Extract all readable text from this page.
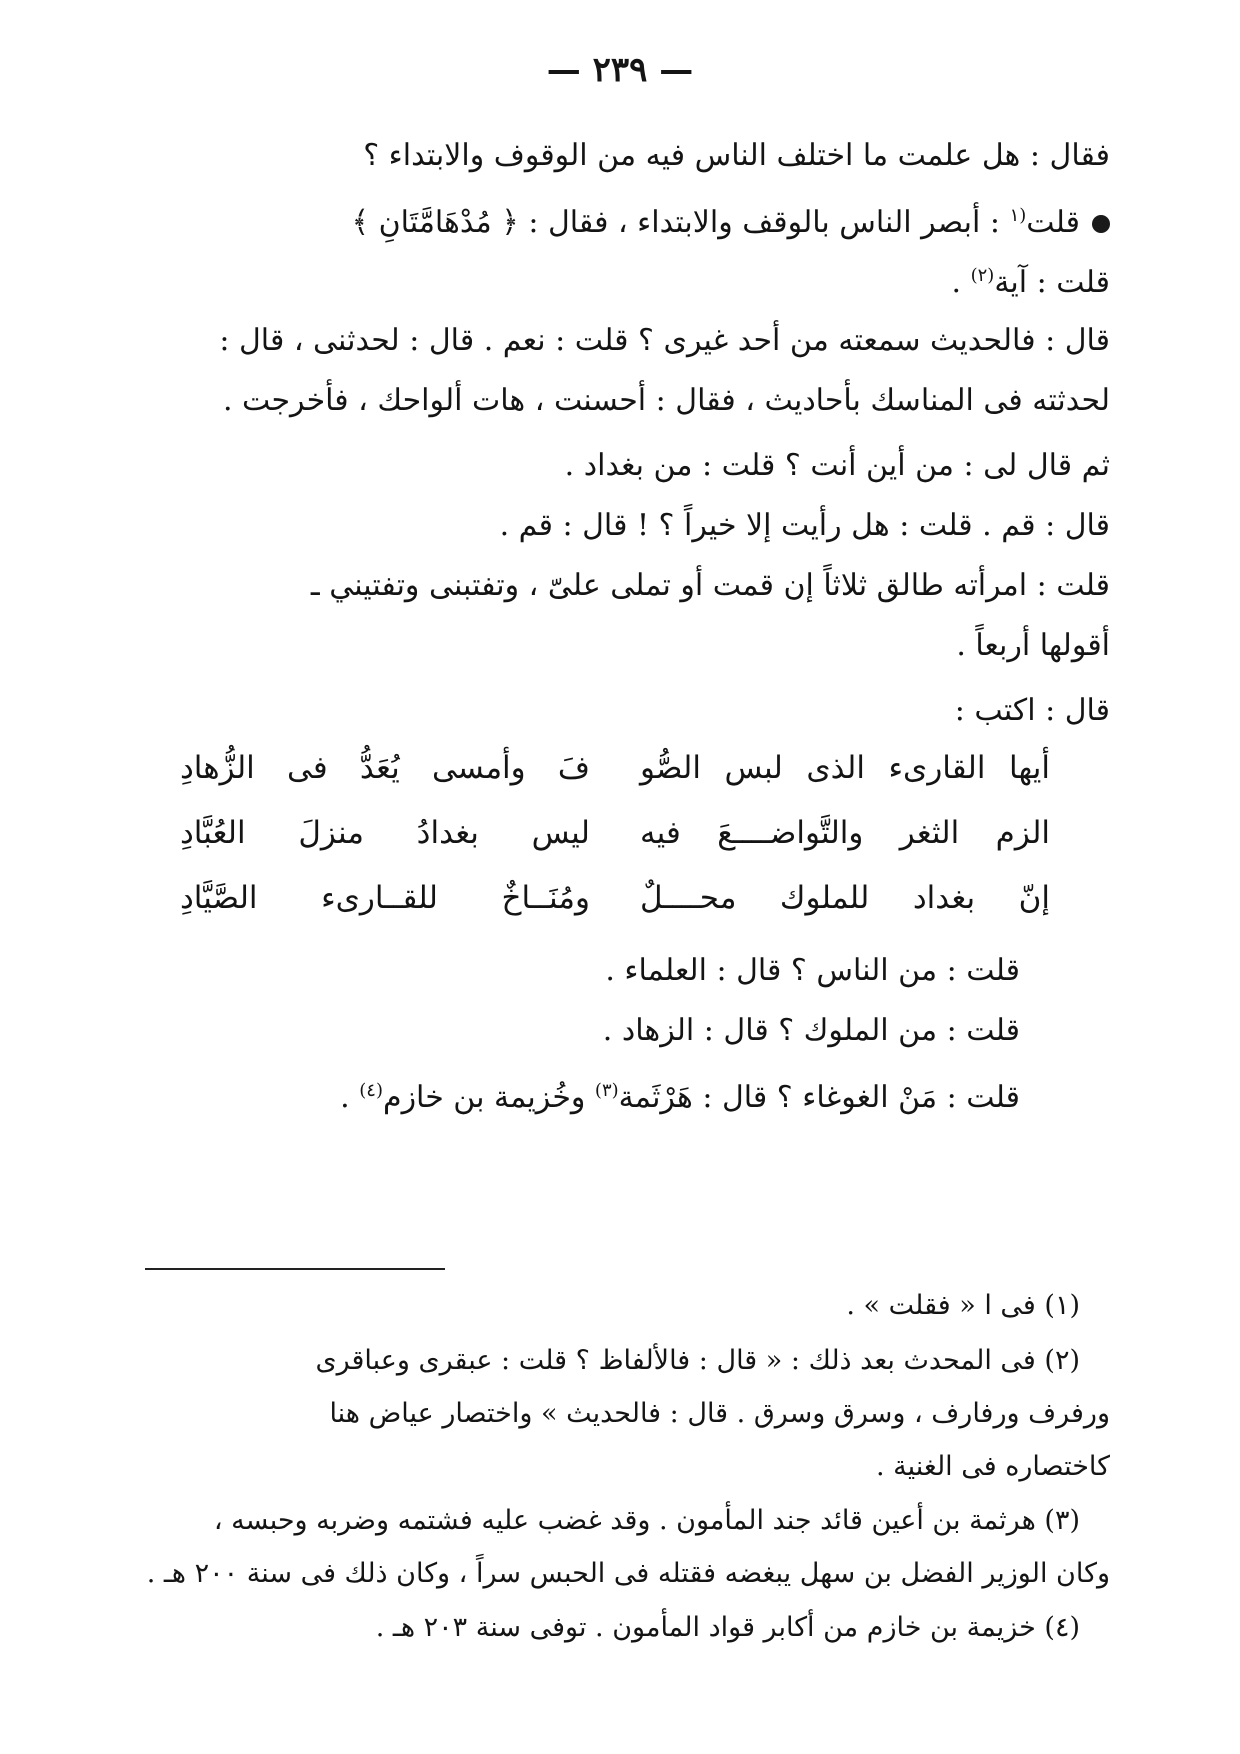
— ٢٣٩ —
فقال : هل علمت ما اختلف الناس فيه من الوقوف والابتداء ؟
قلت$^{(١}$ : أبصر الناس بالوقف والابتداء ، فقال : ﴿ مُدْهَامَّتَانِ ﴾
قلت : آية$^{(٢)}$ .
قال : فالحديث سمعته من أحد غيرى ؟ قلت : نعم . قال : لحدثنى ، قال :
لحدثته فى المناسك بأحاديث ، فقال : أحسنت ، هات ألواحك ، فأخرجت .
ثم قال لى : من أين أنت ؟ قلت : من بغداد .
قال : قم . قلت : هل رأيت إلا خيراً ؟ ! قال : قم .
قلت : امرأته طالق ثلاثاً إن قمت أو تملى علىّ ، وتفتبنى وتفتيني ـ
أقولها أربعاً .
قال : اكتب :
أيها القارىء الذى لبس الصُّو
فَ وأمسى يُعَدُّ فى الزُّهادِ
الزم الثغر والتَّواضــــعَ فيه
ليس بغدادُ منزلَ العُبَّادِ
إنّ بغداد للملوك محــــلٌ
ومُنَــاخٌ للقــارىء الصَّيَّادِ
قلت : من الناس ؟ قال : العلماء .
قلت : من الملوك ؟ قال : الزهاد .
قلت : مَنْ الغوغاء ؟ قال : هَرْثَمة$^{(٣)}$ وخُزيمة بن خازم$^{(٤)}$ .
(١) فى ا « فقلت » .
(٢) فى المحدث بعد ذلك : « قال : فالألفاظ ؟ قلت : عبقرى وعباقرى
ورفرف ورفارف ، وسرق وسرق . قال : فالحديث » واختصار عياض هنا
كاختصاره فى الغنية .
(٣) هرثمة بن أعين قائد جند المأمون . وقد غضب عليه فشتمه وضربه وحبسه ،
وكان الوزير الفضل بن سهل يبغضه فقتله فى الحبس سراً ، وكان ذلك فى سنة ٢٠٠ هـ .
(٤) خزيمة بن خازم من أكابر قواد المأمون . توفى سنة ٢٠٣ هـ .
